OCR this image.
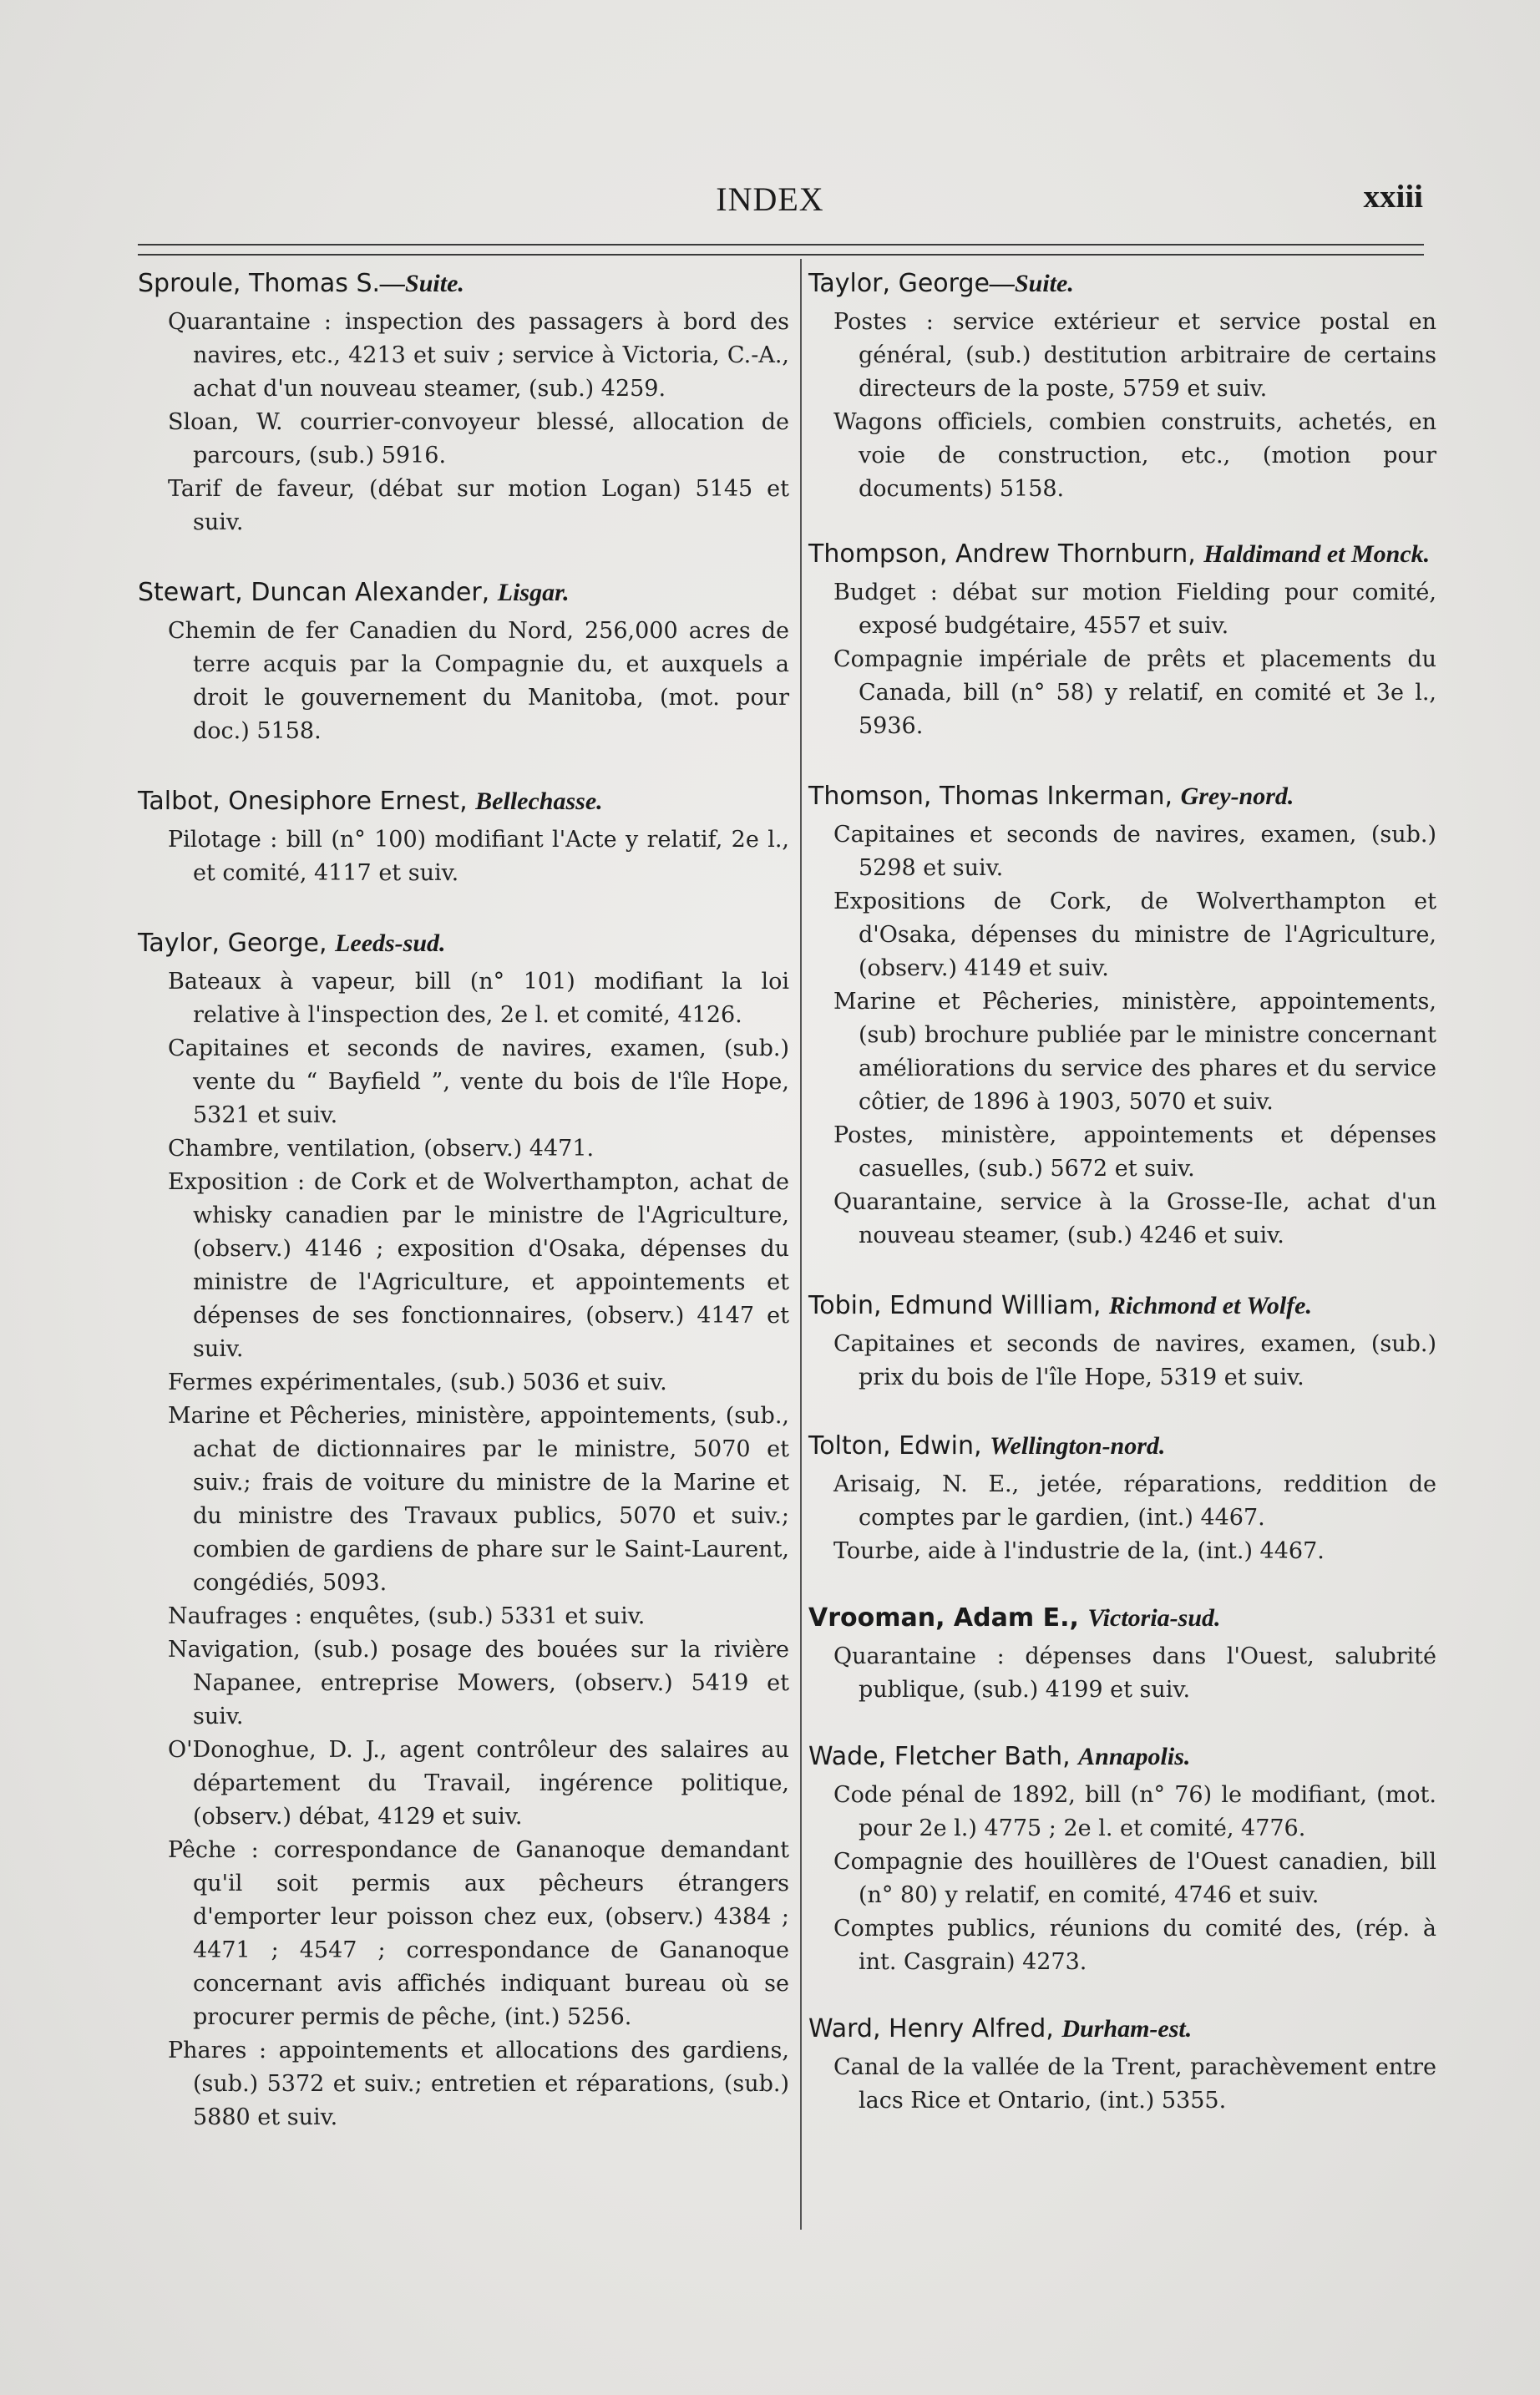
INDEX	xxiii
Sproule, Thomas S.—Suite.

Quarantaine : inspection des passagers à bord des navires, etc., 4213 et suiv ; service à Victoria, C.-A., achat d'un nouveau steamer, (sub.) 4259.

Sloan, W. courrier-convoyeur blessé, allocation de parcours, (sub.) 5916.

Tarif de faveur, (débat sur motion Logan) 5145 et suiv.

Stewart, Duncan Alexander, Lisgar.

Chemin de fer Canadien du Nord, 256,000 acres de terre acquis par la Compagnie du, et auxquels a droit le gouvernement du Manitoba, (mot. pour doc.) 5158.

Talbot, Onesiphore Ernest, Bellechasse.

Pilotage : bill (n° 100) modifiant l'Acte y relatif, 2e l., et comité, 4117 et suiv.

Taylor, George, Leeds-sud.

Bateaux à vapeur, bill (n° 101) modifiant la loi relative à l'inspection des, 2e l. et comité, 4126.

Capitaines et seconds de navires, examen, (sub.) vente du “ Bayfield ”, vente du bois de l'île Hope, 5321 et suiv.

Chambre, ventilation, (observ.) 4471.

Exposition : de Cork et de Wolverthampton, achat de whisky canadien par le ministre de l'Agriculture, (observ.) 4146 ; exposition d'Osaka, dépenses du ministre de l'Agriculture, et appointements et dépenses de ses fonctionnaires, (observ.) 4147 et suiv.

Fermes expérimentales, (sub.) 5036 et suiv.

Marine et Pêcheries, ministère, appointements, (sub., achat de dictionnaires par le ministre, 5070 et suiv.; frais de voiture du ministre de la Marine et du ministre des Travaux publics, 5070 et suiv.; combien de gardiens de phare sur le Saint-Laurent, congédiés, 5093.

Naufrages : enquêtes, (sub.) 5331 et suiv.

Navigation, (sub.) posage des bouées sur la rivière Napanee, entreprise Mowers, (observ.) 5419 et suiv.

O'Donoghue, D. J., agent contrôleur des salaires au département du Travail, ingérence politique, (observ.) débat, 4129 et suiv.

Pêche : correspondance de Gananoque demandant qu'il soit permis aux pêcheurs étrangers d'emporter leur poisson chez eux, (observ.) 4384 ; 4471 ; 4547 ; correspondance de Gananoque concernant avis affichés indiquant bureau où se procurer permis de pêche, (int.) 5256.

Phares : appointements et allocations des gardiens, (sub.) 5372 et suiv.; entretien et réparations, (sub.) 5880 et suiv.

Taylor, George—Suite.

Postes : service extérieur et service postal en général, (sub.) destitution arbitraire de certains directeurs de la poste, 5759 et suiv.

Wagons officiels, combien construits, achetés, en voie de construction, etc., (motion pour documents) 5158.

Thompson, Andrew Thornburn, Haldimand et Monck.

Budget : débat sur motion Fielding pour comité, exposé budgétaire, 4557 et suiv.

Compagnie impériale de prêts et placements du Canada, bill (n° 58) y relatif, en comité et 3e l., 5936.

Thomson, Thomas Inkerman, Grey-nord.

Capitaines et seconds de navires, examen, (sub.) 5298 et suiv.

Expositions de Cork, de Wolverthampton et d'Osaka, dépenses du ministre de l'Agriculture, (observ.) 4149 et suiv.

Marine et Pêcheries, ministère, appointements, (sub) brochure publiée par le ministre concernant améliorations du service des phares et du service côtier, de 1896 à 1903, 5070 et suiv.

Postes, ministère, appointements et dépenses casuelles, (sub.) 5672 et suiv.

Quarantaine, service à la Grosse-Ile, achat d'un nouveau steamer, (sub.) 4246 et suiv.

Tobin, Edmund William, Richmond et Wolfe.

Capitaines et seconds de navires, examen, (sub.) prix du bois de l'île Hope, 5319 et suiv.

Tolton, Edwin, Wellington-nord.

Arisaig, N. E., jetée, réparations, reddition de comptes par le gardien, (int.) 4467.

Tourbe, aide à l'industrie de la, (int.) 4467.

Vrooman, Adam E., Victoria-sud.

Quarantaine : dépenses dans l'Ouest, salubrité publique, (sub.) 4199 et suiv.

Wade, Fletcher Bath, Annapolis.

Code pénal de 1892, bill (n° 76) le modifiant, (mot. pour 2e l.) 4775 ; 2e l. et comité, 4776.

Compagnie des houillères de l'Ouest canadien, bill (n° 80) y relatif, en comité, 4746 et suiv.

Comptes publics, réunions du comité des, (rép. à int. Casgrain) 4273.

Ward, Henry Alfred, Durham-est.

Canal de la vallée de la Trent, parachèvement entre lacs Rice et Ontario, (int.) 5355.
